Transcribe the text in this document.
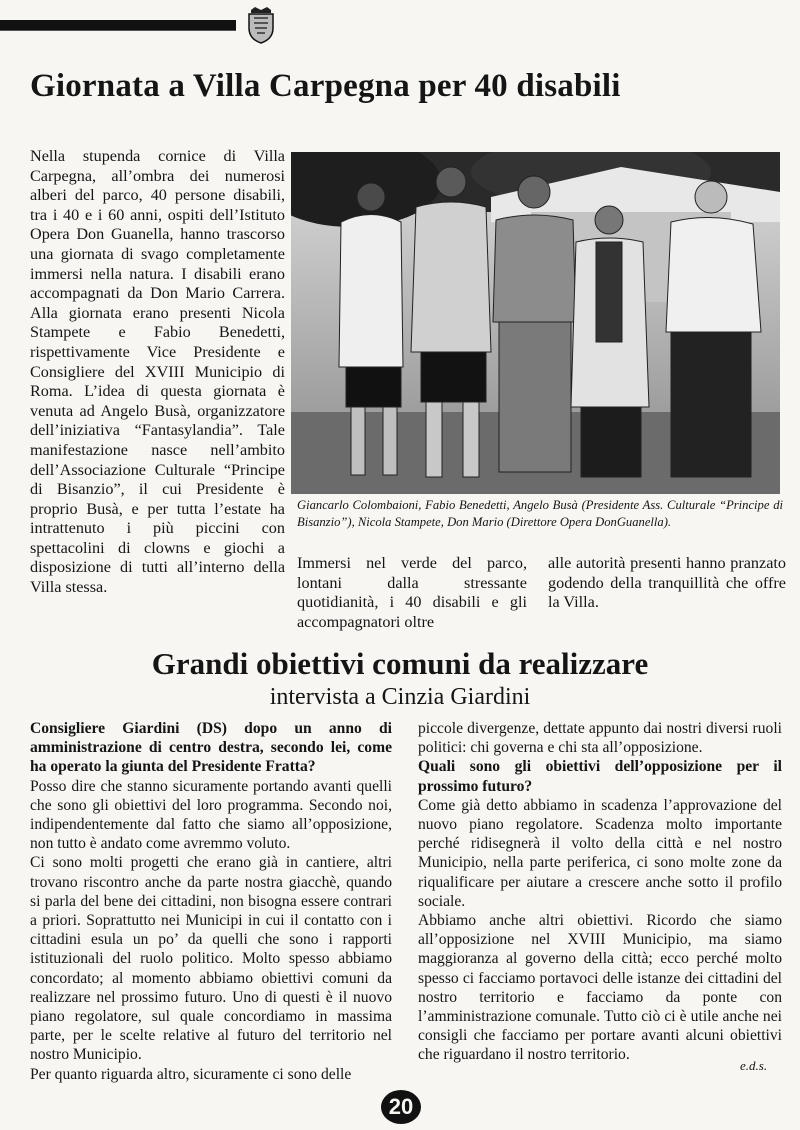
Giornata a Villa Carpegna per 40 disabili

Nella stupenda cornice di Villa Carpegna, all’ombra dei numerosi alberi del parco, 40 persone disabili, tra i 40 e i 60 anni, ospiti dell’Istituto Opera Don Guanella, hanno trascorso una giornata di svago completamente immersi nella natura. I disabili erano accompagnati da Don Mario Carrera. Alla giornata erano presenti Nicola Stampete e Fabio Benedetti, rispettivamente Vice Presidente e Consigliere del XVIII Municipio di Roma. L’idea di questa giornata è venuta ad Angelo Busà, organizzatore dell’iniziativa “Fantasylandia”. Tale manifestazione nasce nell’ambito dell’Associazione Culturale “Principe di Bisanzio”, il cui Presidente è proprio Busà, e per tutta l’estate ha intrattenuto i più piccini con spettacolini di clowns e giochi a disposizione di tutti all’interno della Villa stessa.

Giancarlo Colombaioni, Fabio Benedetti, Angelo Busà (Presidente Ass. Culturale “Principe di Bisanzio”), Nicola Stampete, Don Mario (Direttore Opera DonGuanella).
Immersi nel verde del parco, lontani dalla stressante quotidianità, i 40 disabili e gli accompagnatori oltre
alle autorità presenti hanno pranzato godendo della tranquillità che offre la Villa.
Grandi obiettivi comuni da realizzare
intervista a Cinzia Giardini

Consigliere Giardini (DS) dopo un anno di amministrazione di centro destra, secondo lei, come ha operato la giunta del Presidente Fratta?

Posso dire che stanno sicuramente portando avanti quelli che sono gli obiettivi del loro programma. Secondo noi, indipendentemente dal fatto che siamo all’opposizione, non tutto è andato come avremmo voluto.

Ci sono molti progetti che erano già in cantiere, altri trovano riscontro anche da parte nostra giacchè, quando si parla del bene dei cittadini, non bisogna essere contrari a priori. Soprattutto nei Municipi in cui il contatto con i cittadini esula un po’ da quelli che sono i rapporti istituzionali del ruolo politico. Molto spesso abbiamo concordato; al momento abbiamo obiettivi comuni da realizzare nel prossimo futuro. Uno di questi è il nuovo piano regolatore, sul quale concordiamo in massima parte, per le scelte relative al futuro del territorio nel nostro Municipio.

Per quanto riguarda altro, sicuramente ci sono delle

piccole divergenze, dettate appunto dai nostri diversi ruoli politici: chi governa e chi sta all’opposizione.

Quali sono gli obiettivi dell’opposizione per il prossimo futuro?

Come già detto abbiamo in scadenza l’approvazione del nuovo piano regolatore. Scadenza molto importante perché ridisegnerà il volto della città e nel nostro Municipio, nella parte periferica, ci sono molte zone da riqualificare per aiutare a crescere anche sotto il profilo sociale.

Abbiamo anche altri obiettivi. Ricordo che siamo all’opposizione nel XVIII Municipio, ma siamo maggioranza al governo della città; ecco perché molto spesso ci facciamo portavoci delle istanze dei cittadini del nostro territorio e facciamo da ponte con l’amministrazione comunale. Tutto ciò ci è utile anche nei consigli che facciamo per portare avanti alcuni obiettivi che riguardano il nostro territorio.

e.d.s.
20
